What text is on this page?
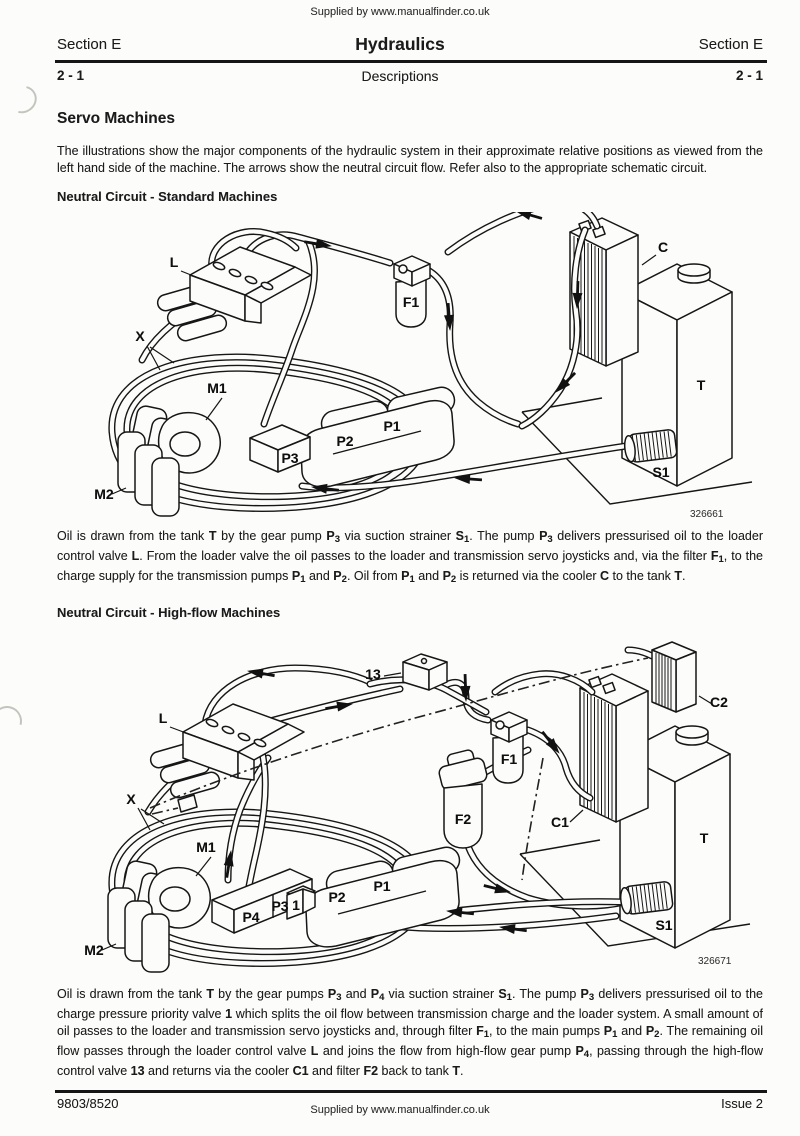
Supplied by www.manualfinder.co.uk
Section E	Hydraulics	Section E
2 - 1	Descriptions	2 - 1
Servo Machines

The illustrations show the major components of the hydraulic system in their approximate relative positions as viewed from the left hand side of the machine. The arrows show the neutral circuit flow. Refer also to the appropriate schematic circuit.

Neutral Circuit - Standard Machines
L
X
M1
M2
P3
P2
P1
F1
C
T
S1
326661

Oil is drawn from the tank T by the gear pump $P_3$ via suction strainer $S_1$. The pump $P_3$ delivers pressurised oil to the loader control valve L. From the loader valve the oil passes to the loader and transmission servo joysticks and, via the filter $F_1$, to the charge supply for the transmission pumps $P_1$ and $P_2$. Oil from $P_1$ and $P_2$ is returned via the cooler C to the tank T.

Neutral Circuit - High-flow Machines
13
L
X
M1
M2
P4
P3 1 P2
P1
F1
F2	C1
C2
T
S1
326671

Oil is drawn from the tank T by the gear pumps $P_3$ and $P_4$ via suction strainer $S_1$. The pump $P_3$ delivers pressurised oil to the charge pressure priority valve 1 which splits the oil flow between transmission charge and the loader system. A small amount of oil passes to the loader and transmission servo joysticks and, through filter $F_1$, to the main pumps $P_1$ and $P_2$. The remaining oil flow passes through the loader control valve L and joins the flow from high-flow gear pump $P_4$, passing through the high-flow control valve 13 and returns via the cooler C1 and filter F2 back to tank T.

9803/8520	Issue 2
Supplied by www.manualfinder.co.uk
